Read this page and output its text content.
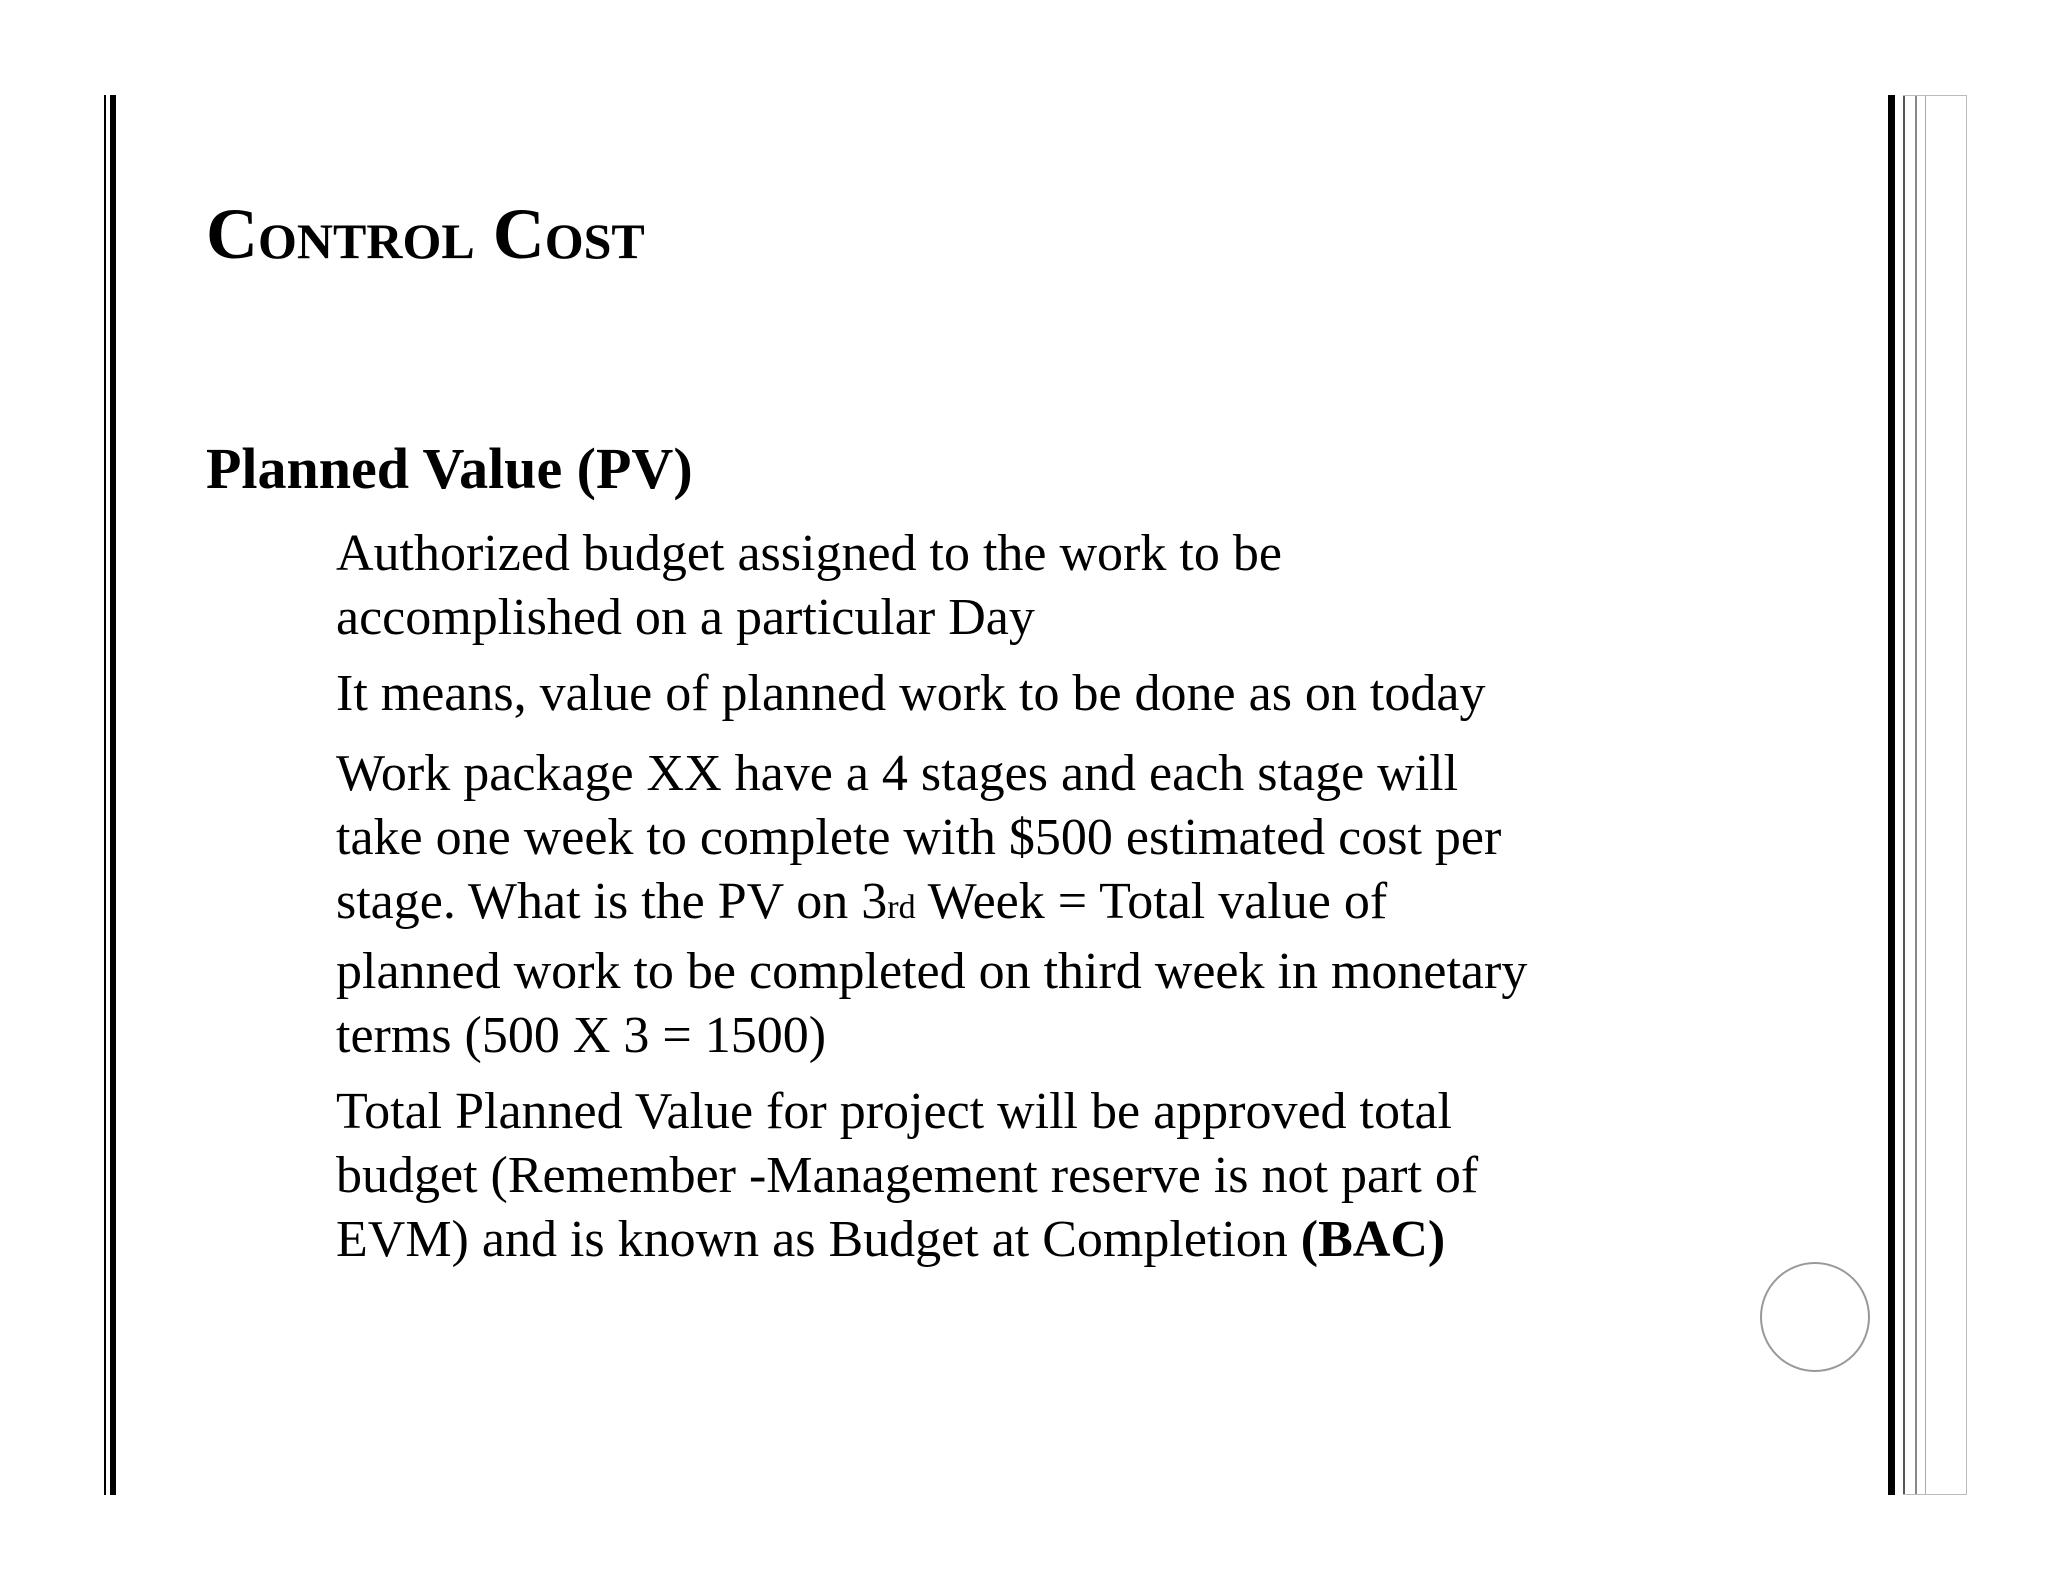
Control Cost
Planned Value (PV)
Authorized budget assigned to the work to be accomplished on a particular Day
It means, value of planned work to be done as on today
Work package XX have a 4 stages and each stage will take one week to complete with $500 estimated cost per stage. What is the PV on 3rd Week = Total value of planned work to be completed on third week in monetary terms (500 X 3 = 1500)
Total Planned Value for project will be approved total budget (Remember -Management reserve is not part of EVM) and is known as Budget at Completion (BAC)
